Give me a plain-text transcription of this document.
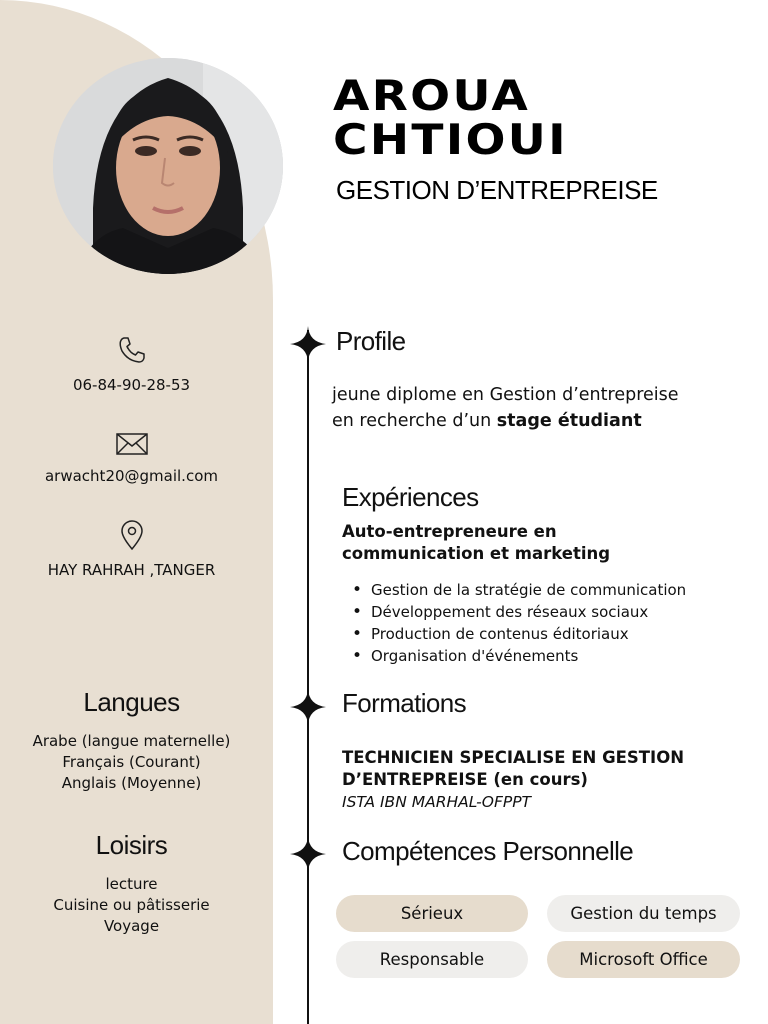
AROUA
CHTIOUI
GESTION D’ENTREPREISE
06-84-90-28-53
arwacht20@gmail.com
HAY RAHRAH ,TANGER
Langues
Arabe (langue maternelle)
Français (Courant)
Anglais (Moyenne)
Loisirs
lecture
Cuisine ou pâtisserie
Voyage
Profile
jeune diplome en Gestion d’entrepreise
en recherche d’un stage étudiant
Expériences
Auto-entrepreneure en
communication et marketing
• Gestion de la stratégie de communication
• Développement des réseaux sociaux
• Production de contenus éditoriaux
• Organisation d'événements
Formations
TECHNICIEN SPECIALISE EN GESTION
D’ENTREPREISE (en cours)
ISTA IBN MARHAL-OFPPT
Compétences Personnelle
Sérieux	Gestion du temps
Responsable	Microsoft Office
